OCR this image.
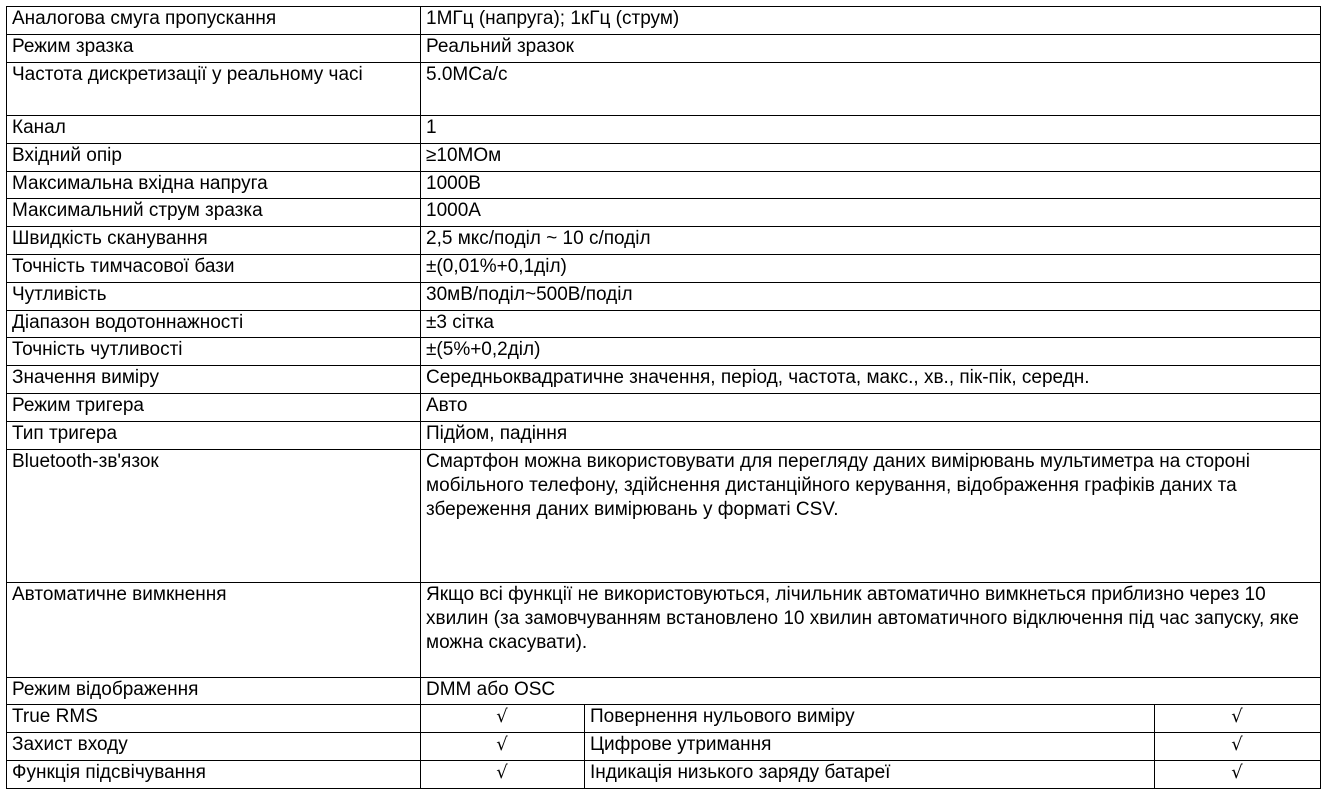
Аналогова смуга пропускання	1МГц (напруга); 1кГц (струм)		
Режим зразка	Реальний зразок		
Частота дискретизації у реальному часі	5.0МСа/с		
Канал	1		
Вхідний опір	≥10МОм		
Максимальна вхідна напруга	1000В		
Максимальний струм зразка	1000А		
Швидкість сканування	2,5 мкс/поділ ~ 10 с/поділ		
Точність тимчасової бази	±(0,01%+0,1діл)		
Чутливість	30мВ/поділ~500В/поділ		
Діапазон водотоннажності	±3 сітка		
Точність чутливості	±(5%+0,2діл)		
Значення виміру	Середньоквадратичне значення, період, частота, макс., хв., пік-пік, середн.		
Режим тригера	Авто		
Тип тригера	Підйом, падіння		
Bluetooth-зв'язок	Смартфон можна використовувати для перегляду даних вимірювань мультиметра на стороні мобільного телефону, здійснення дистанційного керування, відображення графіків даних та збереження даних вимірювань у форматі CSV.		
Автоматичне вимкнення	Якщо всі функції не використовуються, лічильник автоматично вимкнеться приблизно через 10 хвилин (за замовчуванням встановлено 10 хвилин автоматичного відключення під час запуску, яке можна скасувати).		
Режим відображення	DMM або OSC		
True RMS	√	Повернення нульового виміру	√
Захист входу	√	Цифрове утримання	√
Функція підсвічування	√	Індикація низького заряду батареї	√
